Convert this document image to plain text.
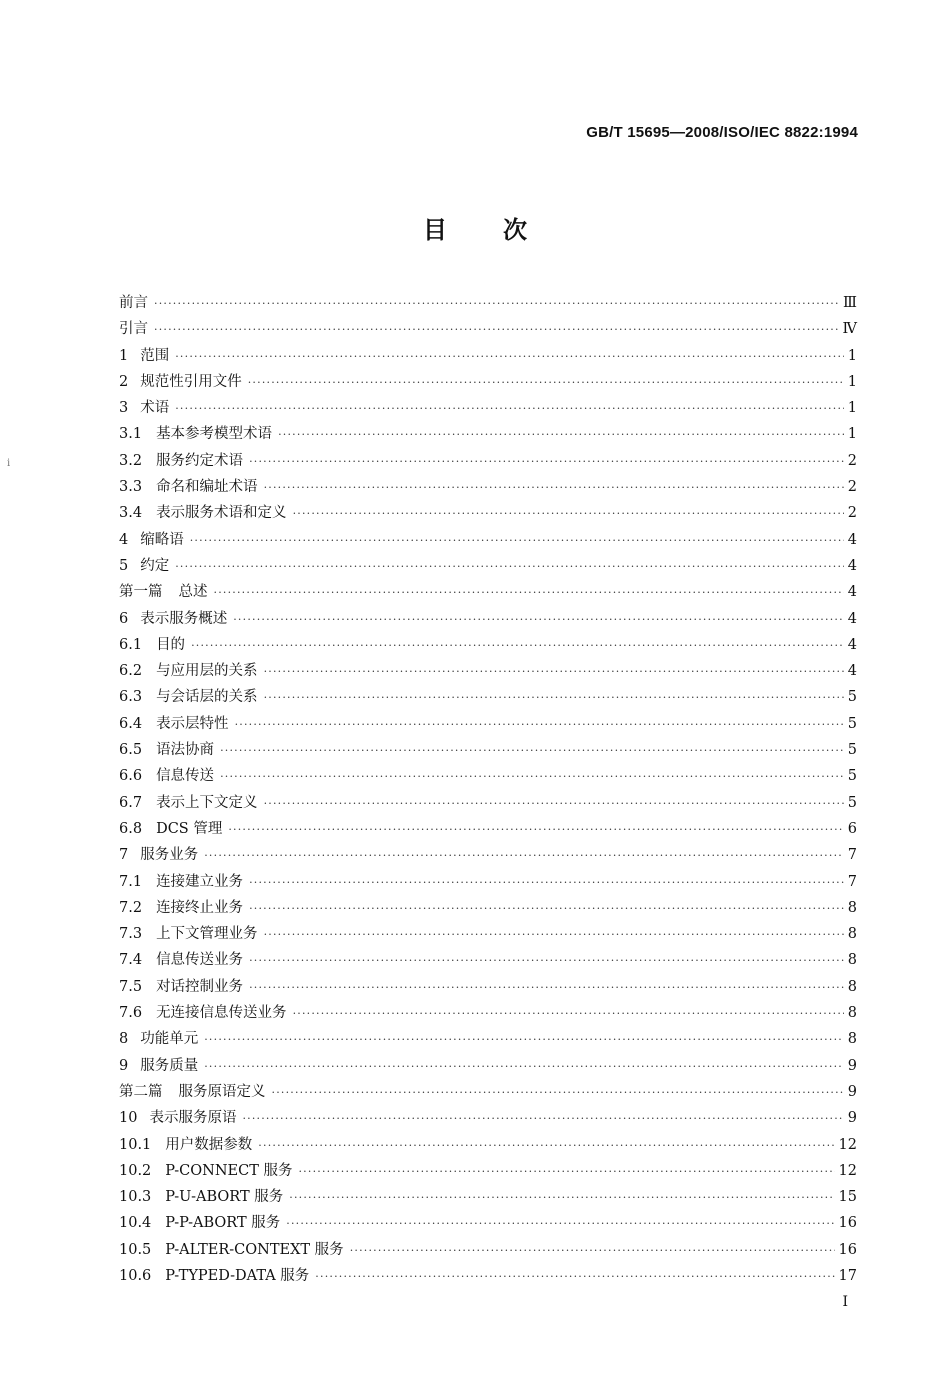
GB/T 15695—2008/ISO/IEC 8822:1994
i
目 次
前言 ·····	Ⅲ
引言 ·····	Ⅳ
1 范围 ·····	1
2 规范性引用文件 ·····	1
3 术语 ·····	1
3.1 基本参考模型术语 ·····	1
3.2 服务约定术语 ·····	2
3.3 命名和编址术语 ·····	2
3.4 表示服务术语和定义 ·····	2
4 缩略语 ·····	4
5 约定 ·····	4
第一篇 总述 ·····	4
6 表示服务概述 ·····	4
6.1 目的 ·····	4
6.2 与应用层的关系 ·····	4
6.3 与会话层的关系 ·····	5
6.4 表示层特性 ·····	5
6.5 语法协商 ·····	5
6.6 信息传送 ·····	5
6.7 表示上下文定义 ·····	5
6.8 DCS 管理 ·····	6
7 服务业务 ·····	7
7.1 连接建立业务 ·····	7
7.2 连接终止业务 ·····	8
7.3 上下文管理业务 ·····	8
7.4 信息传送业务 ·····	8
7.5 对话控制业务 ·····	8
7.6 无连接信息传送业务 ·····	8
8 功能单元 ·····	8
9 服务质量 ·····	9
第二篇 服务原语定义 ·····	9
10 表示服务原语 ·····	9
10.1 用户数据参数 ·····	12
10.2 P-CONNECT 服务 ·····	12
10.3 P-U-ABORT 服务 ·····	15
10.4 P-P-ABORT 服务 ·····	16
10.5 P-ALTER-CONTEXT 服务 ·····	16
10.6 P-TYPED-DATA 服务 ·····	17
I
